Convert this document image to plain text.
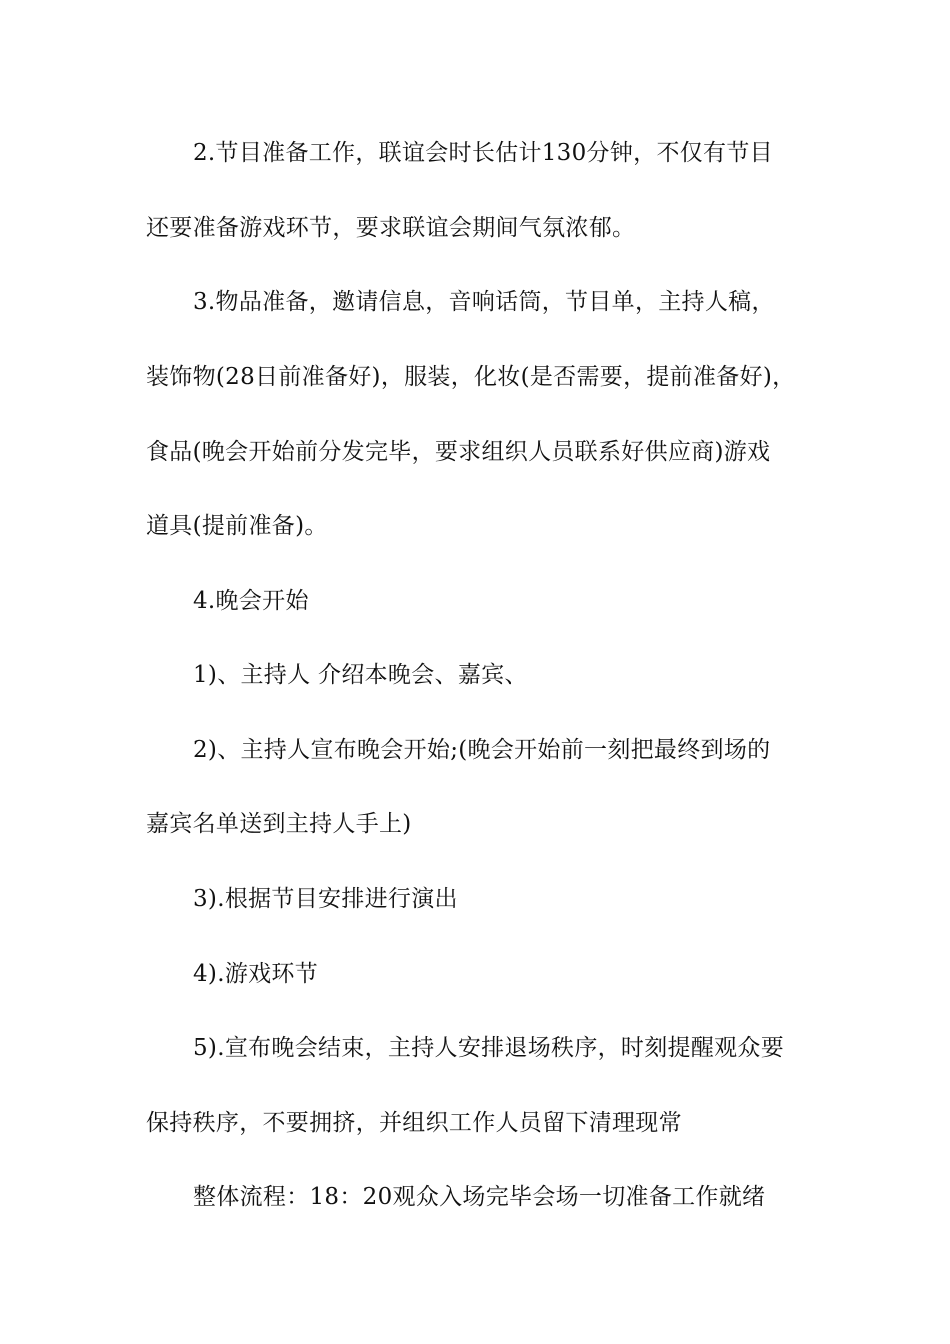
2.节目准备工作，联谊会时长估计130分钟，不仅有节目
还要准备游戏环节，要求联谊会期间气氛浓郁。
3.物品准备，邀请信息，音响话筒，节目单，主持人稿，
装饰物(28日前准备好)，服装，化妆(是否需要，提前准备好)，
食品(晚会开始前分发完毕，要求组织人员联系好供应商)游戏
道具(提前准备)。
4.晚会开始
1)、主持人 介绍本晚会、嘉宾、
2)、主持人宣布晚会开始;(晚会开始前一刻把最终到场的
嘉宾名单送到主持人手上)
3).根据节目安排进行演出
4).游戏环节
5).宣布晚会结束，主持人安排退场秩序，时刻提醒观众要
保持秩序，不要拥挤，并组织工作人员留下清理现常
整体流程：18：20观众入场完毕会场一切准备工作就绪
